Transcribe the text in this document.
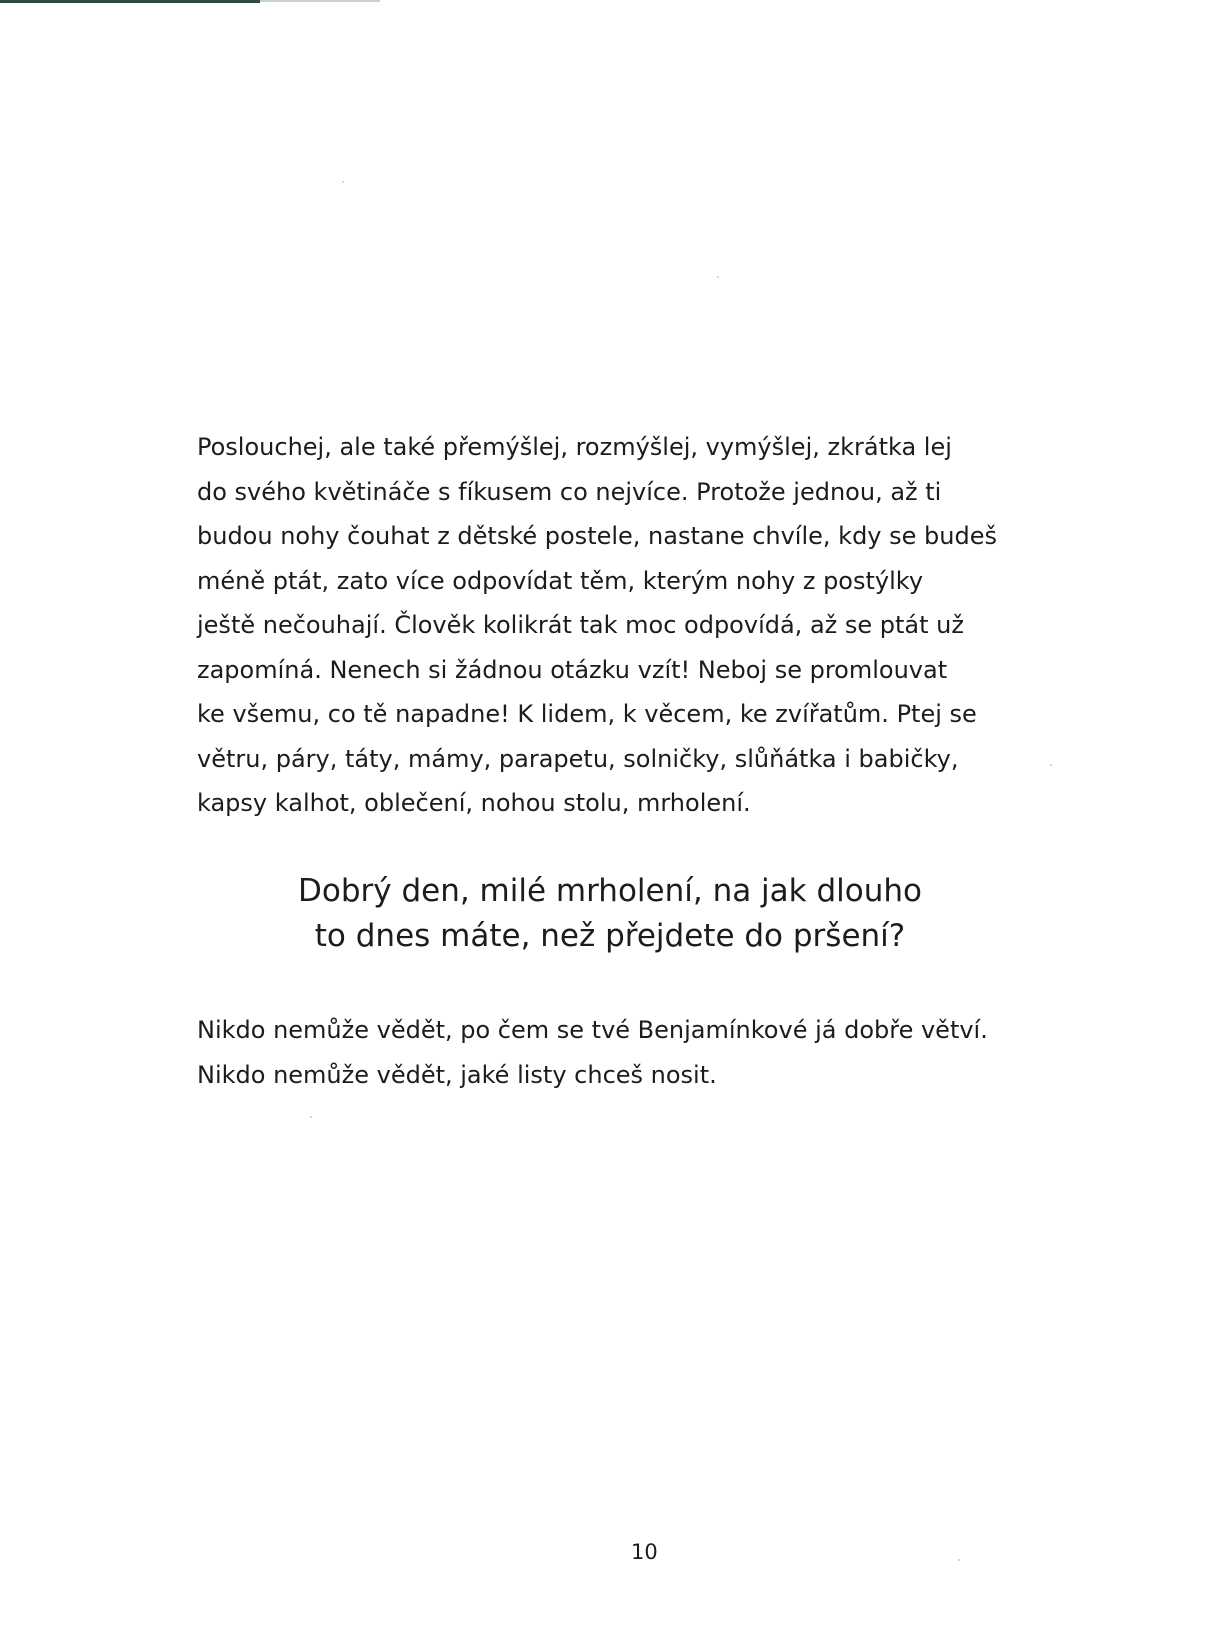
Poslouchej, ale také přemýšlej, rozmýšlej, vymýšlej, zkrátka lej
do svého květináče s fíkusem co nejvíce. Protože jednou, až ti
budou nohy čouhat z dětské postele, nastane chvíle, kdy se budeš
méně ptát, zato více odpovídat těm, kterým nohy z postýlky
ještě nečouhají. Člověk kolikrát tak moc odpovídá, až se ptát už
zapomíná. Nenech si žádnou otázku vzít! Neboj se promlouvat
ke všemu, co tě napadne! K lidem, k věcem, ke zvířatům. Ptej se
větru, páry, táty, mámy, parapetu, solničky, slůňátka i babičky,
kapsy kalhot, oblečení, nohou stolu, mrholení.
Dobrý den, milé mrholení, na jak dlouho
to dnes máte, než přejdete do pršení?
Nikdo nemůže vědět, po čem se tvé Benjamínkové já dobře větví.
Nikdo nemůže vědět, jaké listy chceš nosit.
10
